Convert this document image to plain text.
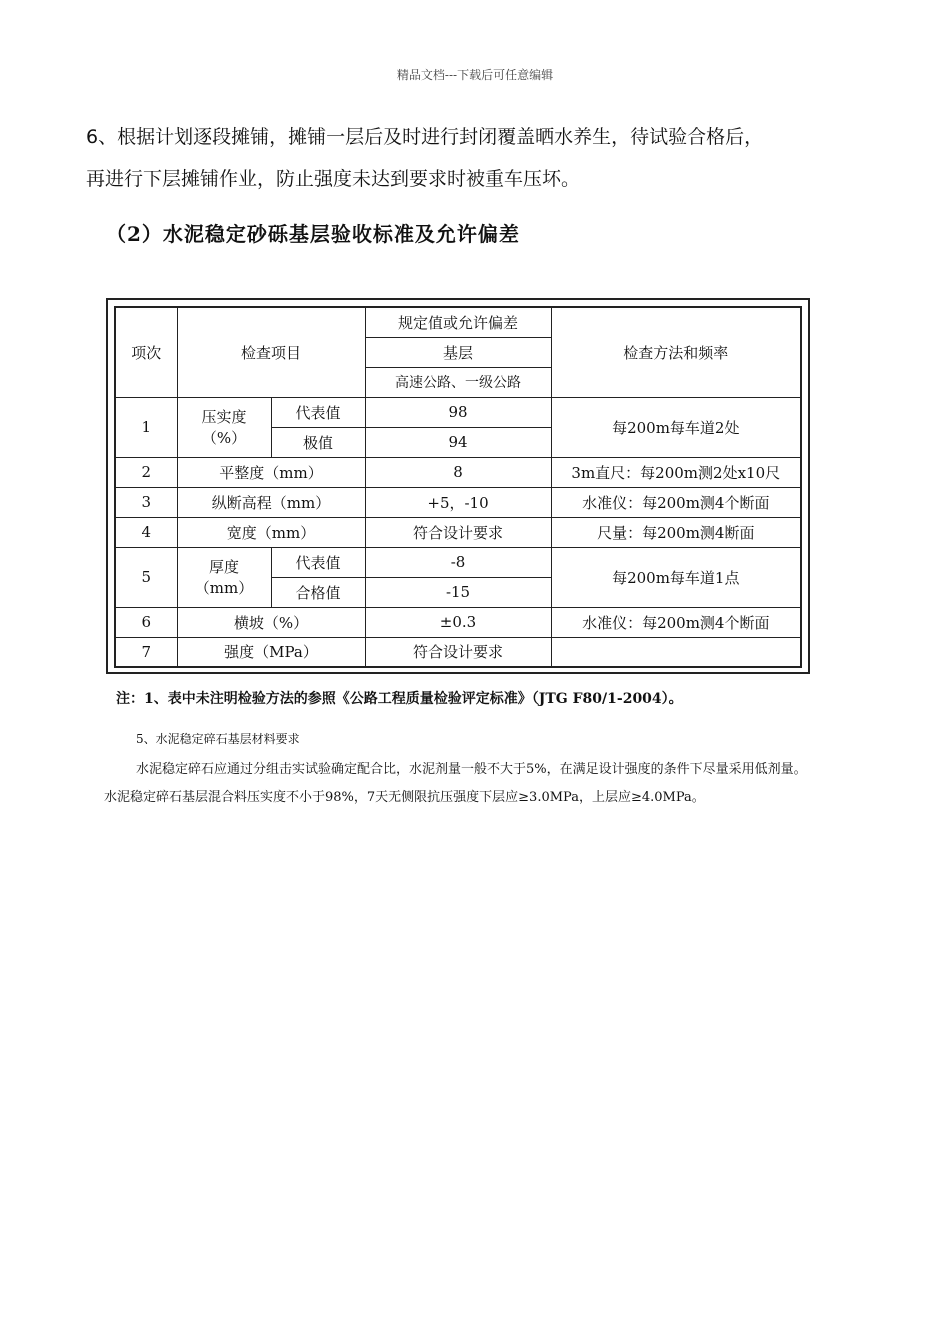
精品文档---下载后可任意编辑
6、根据计划逐段摊铺，摊铺一层后及时进行封闭覆盖晒水养生，待试验合格后，
再进行下层摊铺作业，防止强度未达到要求时被重车压坏。
（2）水泥稳定砂砾基层验收标准及允许偏差
项次	检查项目		规定值或允许偏差	检查方法和频率
			基层	
			高速公路、一级公路	
1	压实度
（%）	代表值	98	每200m每车道2处
		极值	94	
2	平整度（mm）		8	3m直尺：每200m测2处x10尺
3	纵断高程（mm）		+5，-10	水准仪：每200m测4个断面
4	宽度（mm）		符合设计要求	尺量：每200m测4断面
5	厚度
（mm）	代表值	-8	每200m每车道1点
		合格值	-15	
6	横坡（%）		±0.3	水准仪：每200m测4个断面
7	强度（MPa）		符合设计要求	
注：1、表中未注明检验方法的参照《公路工程质量检验评定标准》（JTG F80/1-2004）。
5、水泥稳定碎石基层材料要求
水泥稳定碎石应通过分组击实试验确定配合比，水泥剂量一般不大于5%，在满足设计强度的条件下尽量采用低剂量。
水泥稳定碎石基层混合料压实度不小于98%，7天无侧限抗压强度下层应≥3.0MPa，上层应≥4.0MPa。
